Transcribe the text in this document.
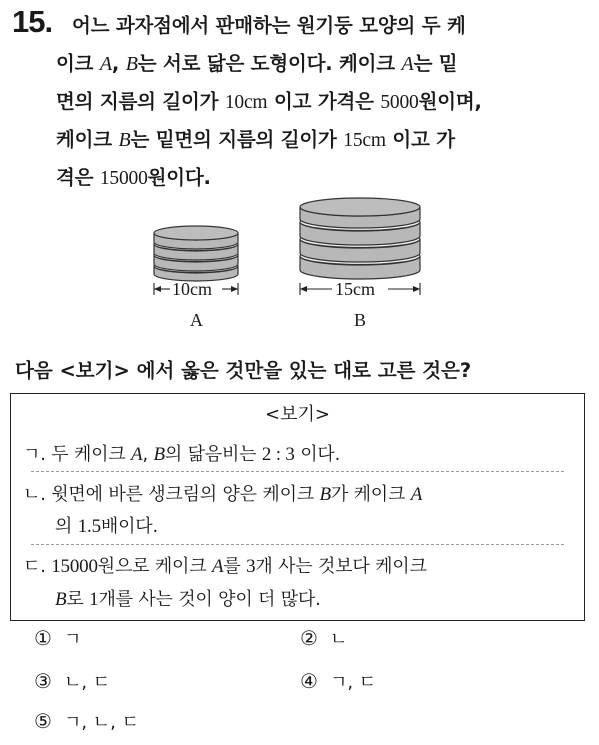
15. 어느 과자점에서 판매하는 원기둥 모양의 두 케
이크 A, B는 서로 닮은 도형이다. 케이크 A는 밑
면의 지름의 길이가 10cm 이고 가격은 5000원이며,
케이크 B는 밑면의 지름의 길이가 15cm 이고 가
격은 15000원이다.
10cm	15cm
A	B
다음 <보기> 에서 옳은 것만을 있는 대로 고른 것은?
<보기>
ㄱ. 두 케이크 A, B의 닮음비는 2 : 3 이다.
ㄴ. 윗면에 바른 생크림의 양은 케이크 B가 케이크 A
의 1.5배이다.
ㄷ. 15000원으로 케이크 A를 3개 사는 것보다 케이크
B로 1개를 사는 것이 양이 더 많다.
① ㄱ	② ㄴ
③ ㄴ, ㄷ	④ ㄱ, ㄷ
⑤ ㄱ, ㄴ, ㄷ
